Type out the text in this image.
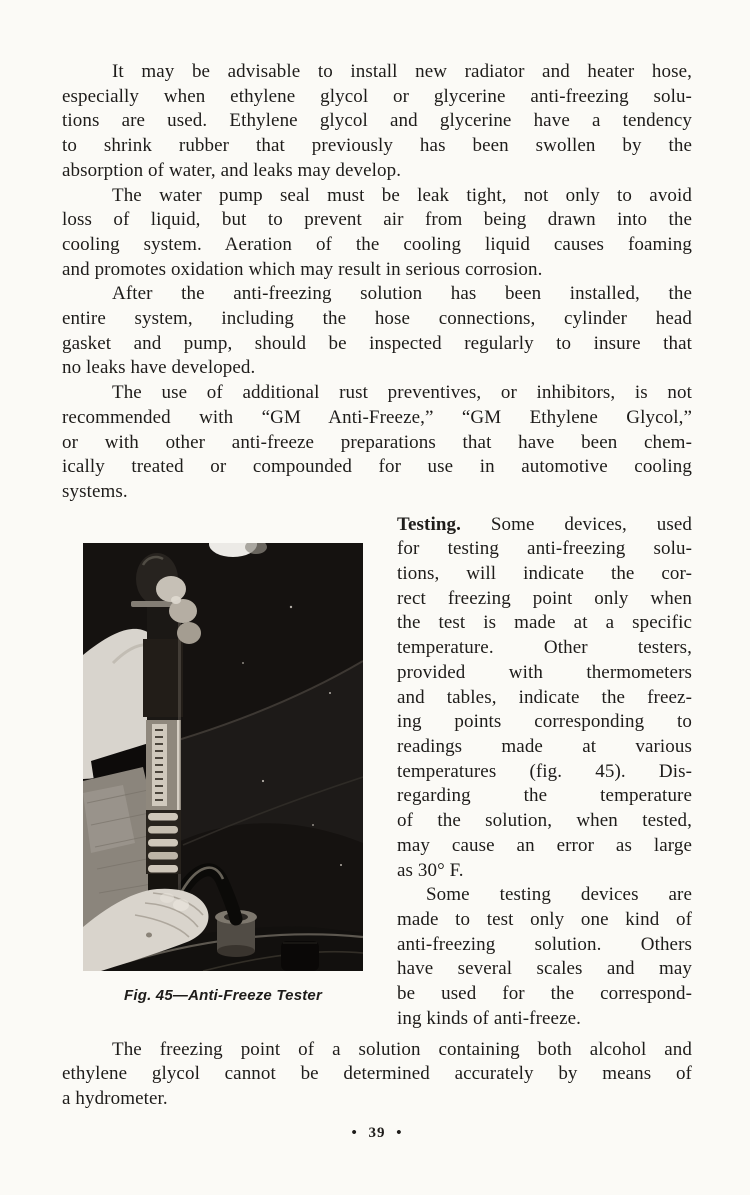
It may be advisable to install new radiator and heater hose,
especially when ethylene glycol or glycerine anti-freezing solu-
tions are used. Ethylene glycol and glycerine have a tendency
to shrink rubber that previously has been swollen by the
absorption of water, and leaks may develop.
The water pump seal must be leak tight, not only to avoid
loss of liquid, but to prevent air from being drawn into the
cooling system. Aeration of the cooling liquid causes foaming
and promotes oxidation which may result in serious corrosion.
After the anti-freezing solution has been installed, the
entire system, including the hose connections, cylinder head
gasket and pump, should be inspected regularly to insure that
no leaks have developed.
The use of additional rust preventives, or inhibitors, is not
recommended with “GM Anti-Freeze,” “GM Ethylene Glycol,”
or with other anti-freeze preparations that have been chem-
ically treated or compounded for use in automotive cooling
systems.
Fig. 45—Anti-Freeze Tester
Testing. Some devices, used
for testing anti-freezing solu-
tions, will indicate the cor-
rect freezing point only when
the test is made at a specific
temperature. Other testers,
provided with thermometers
and tables, indicate the freez-
ing points corresponding to
readings made at various
temperatures (fig. 45). Dis-
regarding the temperature
of the solution, when tested,
may cause an error as large
as 30° F.
Some testing devices are
made to test only one kind of
anti-freezing solution. Others
have several scales and may
be used for the correspond-
ing kinds of anti-freeze.
The freezing point of a solution containing both alcohol and
ethylene glycol cannot be determined accurately by means of
a hydrometer.
• 39 •
